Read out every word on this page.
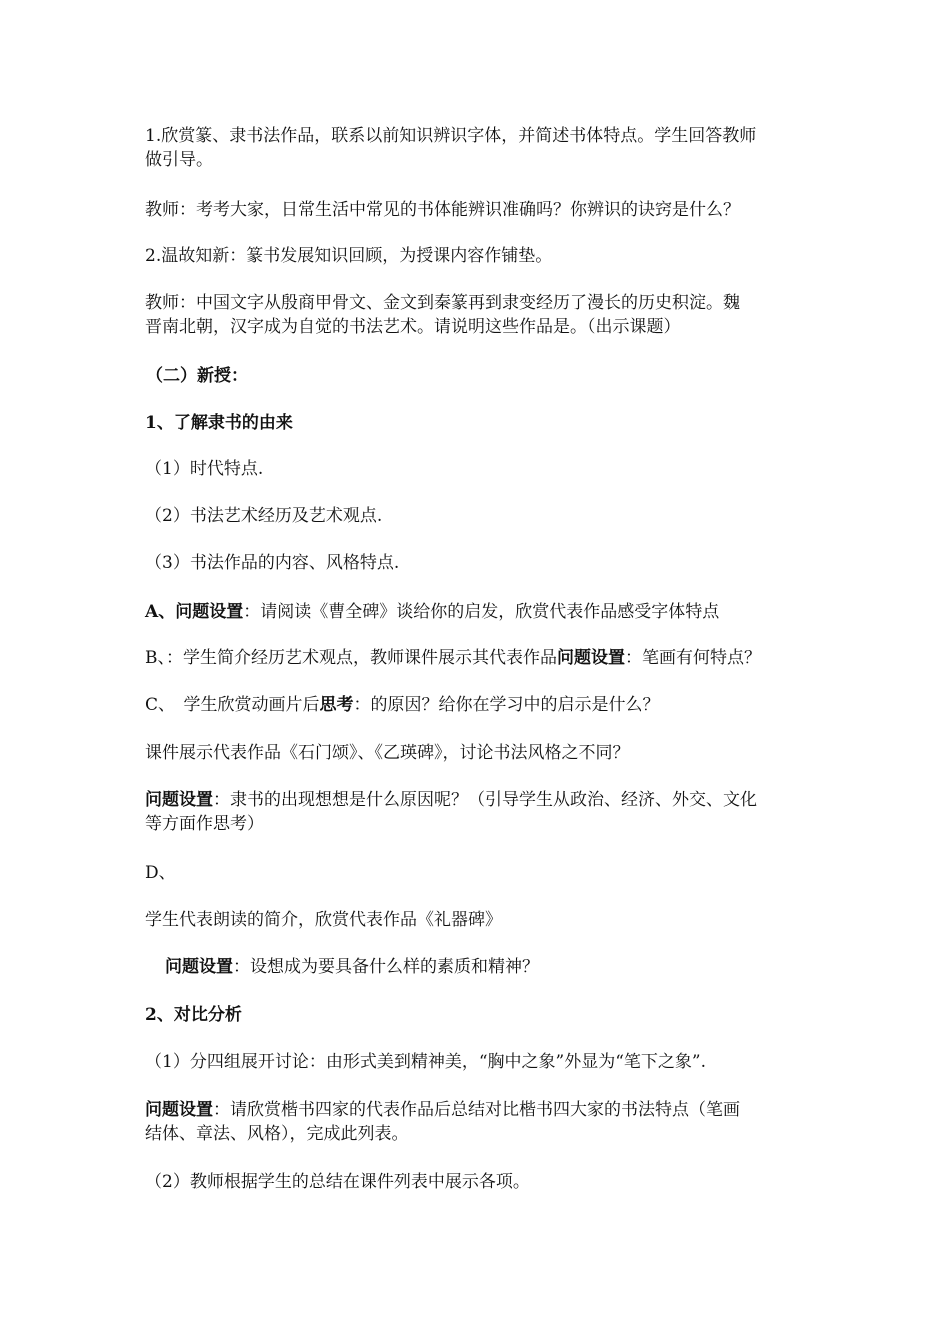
1.欣赏篆、隶书法作品，联系以前知识辨识字体，并简述书体特点。学生回答教师
做引导。
教师：考考大家，日常生活中常见的书体能辨识准确吗？你辨识的诀窍是什么？
2.温故知新：篆书发展知识回顾，为授课内容作铺垫。
教师：中国文字从殷商甲骨文、金文到秦篆再到隶变经历了漫长的历史积淀。魏
晋南北朝，汉字成为自觉的书法艺术。请说明这些作品是。（出示课题）
（二）新授：
1、了解隶书的由来
（1）时代特点.
（2）书法艺术经历及艺术观点.
（3）书法作品的内容、风格特点.
A、问题设置：请阅读《曹全碑》谈给你的启发，欣赏代表作品感受字体特点
B、：学生简介经历艺术观点，教师课件展示其代表作品问题设置：笔画有何特点？
C、　学生欣赏动画片后思考：的原因？给你在学习中的启示是什么？
课件展示代表作品《石门颂》、《乙瑛碑》，讨论书法风格之不同？
问题设置：隶书的出现想想是什么原因呢？（引导学生从政治、经济、外交、文化
等方面作思考）
D、
学生代表朗读的简介，欣赏代表作品《礼器碑》
问题设置：设想成为要具备什么样的素质和精神？
2、对比分析
（1）分四组展开讨论：由形式美到精神美，“胸中之象”外显为“笔下之象”.
问题设置：请欣赏楷书四家的代表作品后总结对比楷书四大家的书法特点（笔画
结体、章法、风格），完成此列表。
（2）教师根据学生的总结在课件列表中展示各项。
